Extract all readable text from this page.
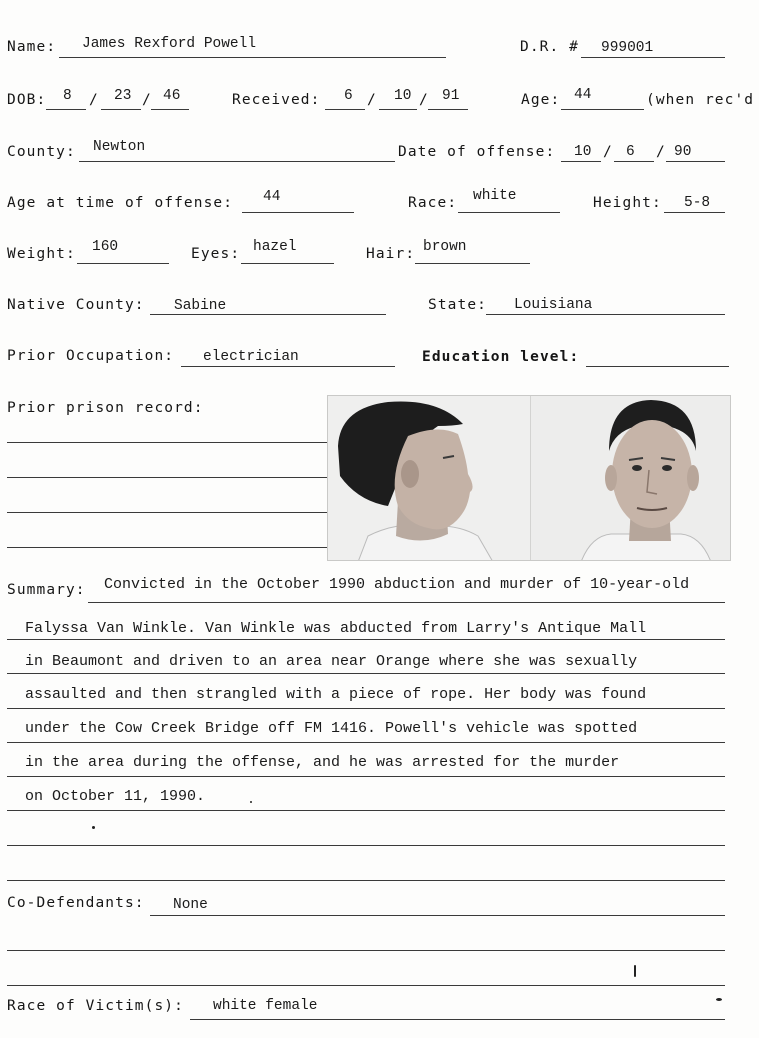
Name: James Rexford Powell	D.R. # 999001
DOB: 8 / 23 / 46	Received: 6 / 10 / 91	Age: 44	(when rec'd
County: Newton	Date of offense: 10 / 6 / 90
Age at time of offense: 44	Race: white	Height: 5-8
Weight: 160	Eyes: hazel	Hair: brown
Native County: Sabine	State: Louisiana
Prior Occupation: electrician	Education level:
Prior prison record:
Summary: Convicted in the October 1990 abduction and murder of 10-year-old
Falyssa Van Winkle. Van Winkle was abducted from Larry's Antique Mall
in Beaumont and driven to an area near Orange where she was sexually
assaulted and then strangled with a piece of rope. Her body was found
under the Cow Creek Bridge off FM 1416. Powell's vehicle was spotted
in the area during the offense, and he was arrested for the murder
on October 11, 1990.
Co-Defendants: None
Race of Victim(s): white female
